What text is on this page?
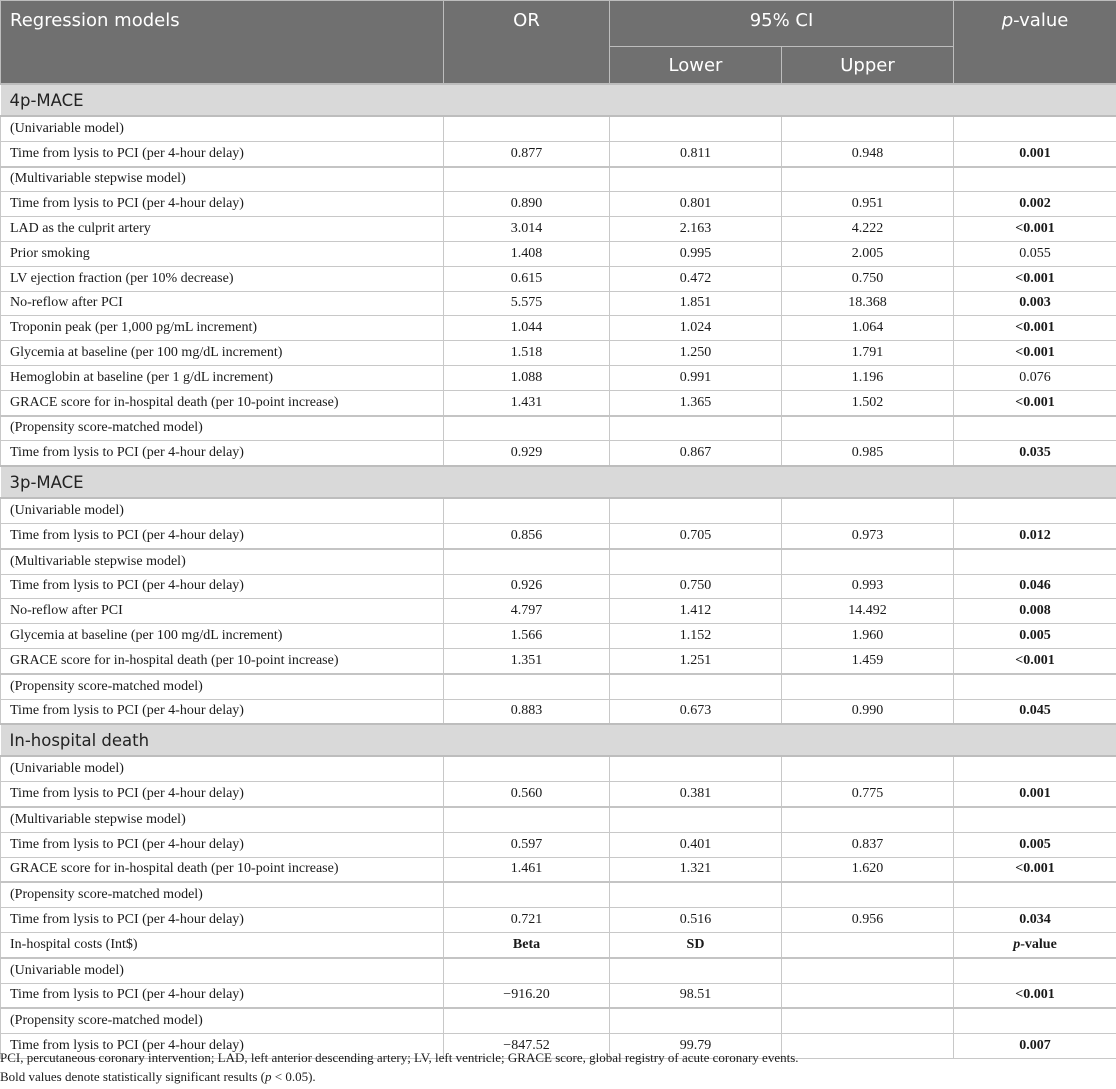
Regression models	OR	95% CI		p-value
		Lower	Upper	
4p-MACE				
(Univariable model)				
Time from lysis to PCI (per 4-hour delay)	0.877	0.811	0.948	0.001
(Multivariable stepwise model)				
Time from lysis to PCI (per 4-hour delay)	0.890	0.801	0.951	0.002
LAD as the culprit artery	3.014	2.163	4.222	<0.001
Prior smoking	1.408	0.995	2.005	0.055
LV ejection fraction (per 10% decrease)	0.615	0.472	0.750	<0.001
No-reflow after PCI	5.575	1.851	18.368	0.003
Troponin peak (per 1,000 pg/mL increment)	1.044	1.024	1.064	<0.001
Glycemia at baseline (per 100 mg/dL increment)	1.518	1.250	1.791	<0.001
Hemoglobin at baseline (per 1 g/dL increment)	1.088	0.991	1.196	0.076
GRACE score for in-hospital death (per 10-point increase)	1.431	1.365	1.502	<0.001
(Propensity score-matched model)				
Time from lysis to PCI (per 4-hour delay)	0.929	0.867	0.985	0.035
3p-MACE				
(Univariable model)				
Time from lysis to PCI (per 4-hour delay)	0.856	0.705	0.973	0.012
(Multivariable stepwise model)				
Time from lysis to PCI (per 4-hour delay)	0.926	0.750	0.993	0.046
No-reflow after PCI	4.797	1.412	14.492	0.008
Glycemia at baseline (per 100 mg/dL increment)	1.566	1.152	1.960	0.005
GRACE score for in-hospital death (per 10-point increase)	1.351	1.251	1.459	<0.001
(Propensity score-matched model)				
Time from lysis to PCI (per 4-hour delay)	0.883	0.673	0.990	0.045
In-hospital death				
(Univariable model)				
Time from lysis to PCI (per 4-hour delay)	0.560	0.381	0.775	0.001
(Multivariable stepwise model)				
Time from lysis to PCI (per 4-hour delay)	0.597	0.401	0.837	0.005
GRACE score for in-hospital death (per 10-point increase)	1.461	1.321	1.620	<0.001
(Propensity score-matched model)				
Time from lysis to PCI (per 4-hour delay)	0.721	0.516	0.956	0.034
In-hospital costs (Int$)	Beta	SD		p-value
(Univariable model)				
Time from lysis to PCI (per 4-hour delay)	−916.20	98.51		<0.001
(Propensity score-matched model)				
Time from lysis to PCI (per 4-hour delay)	−847.52	99.79		0.007
PCI, percutaneous coronary intervention; LAD, left anterior descending artery; LV, left ventricle; GRACE score, global registry of acute coronary events.
Bold values denote statistically significant results (p < 0.05).
